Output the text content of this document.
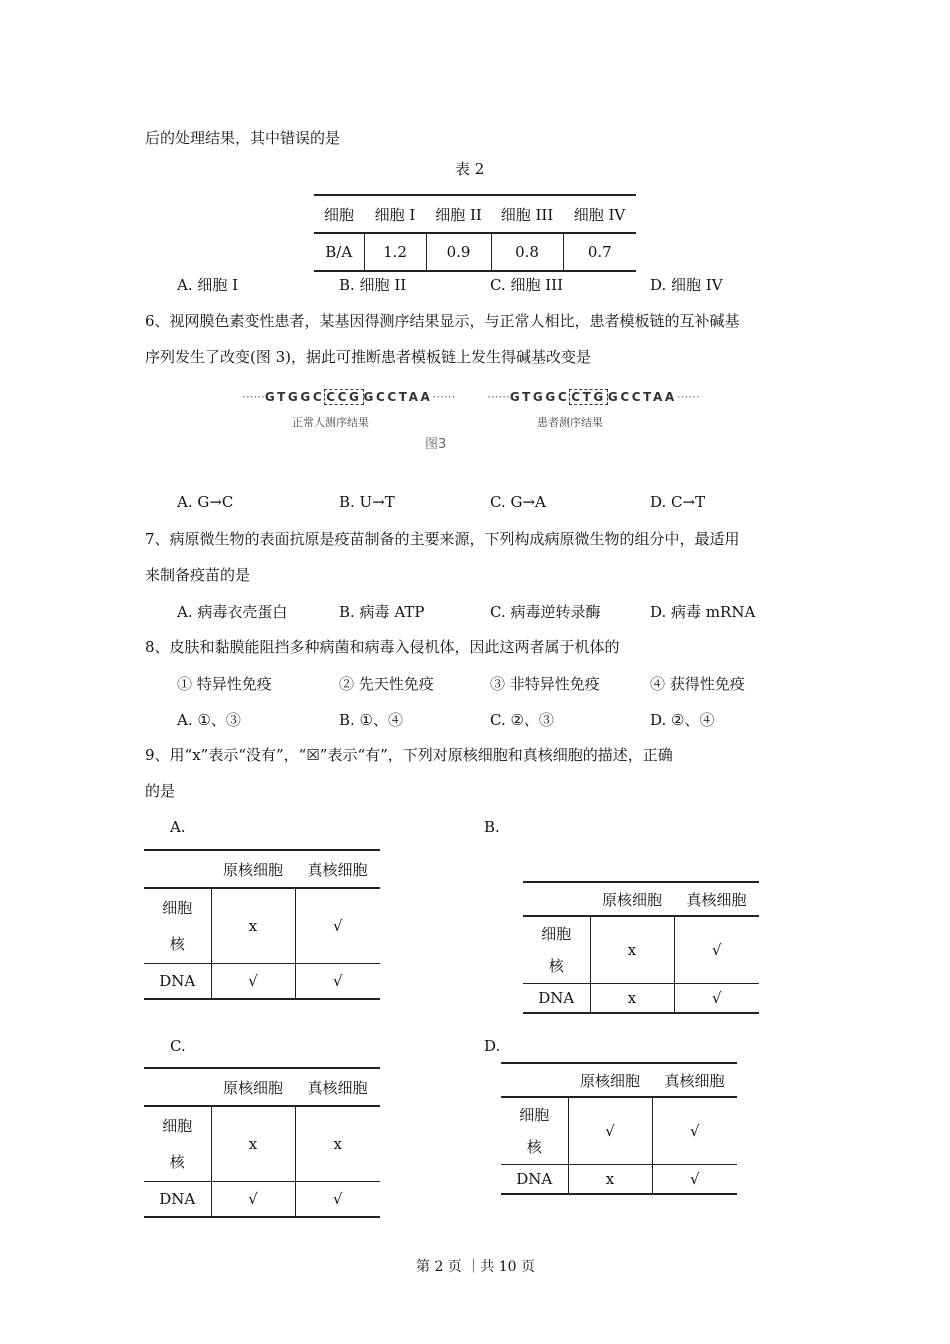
后的处理结果，其中错误的是
表 2
细胞	细胞 I	细胞 II	细胞 III	细胞 IV
B/A	1.2	0.9	0.8	0.7
A. 细胞 I	B. 细胞 II	C. 细胞 III	D. 细胞 IV
6、视网膜色素变性患者，某基因得测序结果显示，与正常人相比，患者模板链的互补碱基
序列发生了改变(图 3)，据此可推断患者模板链上发生得碱基改变是
······GTGGC CCG GCCTAA······	······GTGGC CTG GCCTAA······
正常人测序结果	患者测序结果
图3
A. G→C	B. U→T	C. G→A	D. C→T
7、病原微生物的表面抗原是疫苗制备的主要来源，下列构成病原微生物的组分中，最适用
来制备疫苗的是
A. 病毒衣壳蛋白	B. 病毒 ATP	C. 病毒逆转录酶	D. 病毒 mRNA
8、皮肤和黏膜能阻挡多种病菌和病毒入侵机体，因此这两者属于机体的
① 特异性免疫	② 先天性免疫	③ 非特异性免疫	④ 获得性免疫
A. ①、③	B. ①、④	C. ②、③	D. ②、④
9、用“x”表示“没有”，“☒”表示“有”，下列对原核细胞和真核细胞的描述，正确
的是
A.
	原核细胞	真核细胞

细胞
核	x	√
DNA	√	√
B.
	原核细胞	真核细胞

细胞
核	x	√
DNA	x	√
C.
	原核细胞	真核细胞

细胞
核	x	x
DNA	√	√
D.
	原核细胞	真核细胞

细胞
核	√	√
DNA	x	√
第 2 页 ｜共 10 页
